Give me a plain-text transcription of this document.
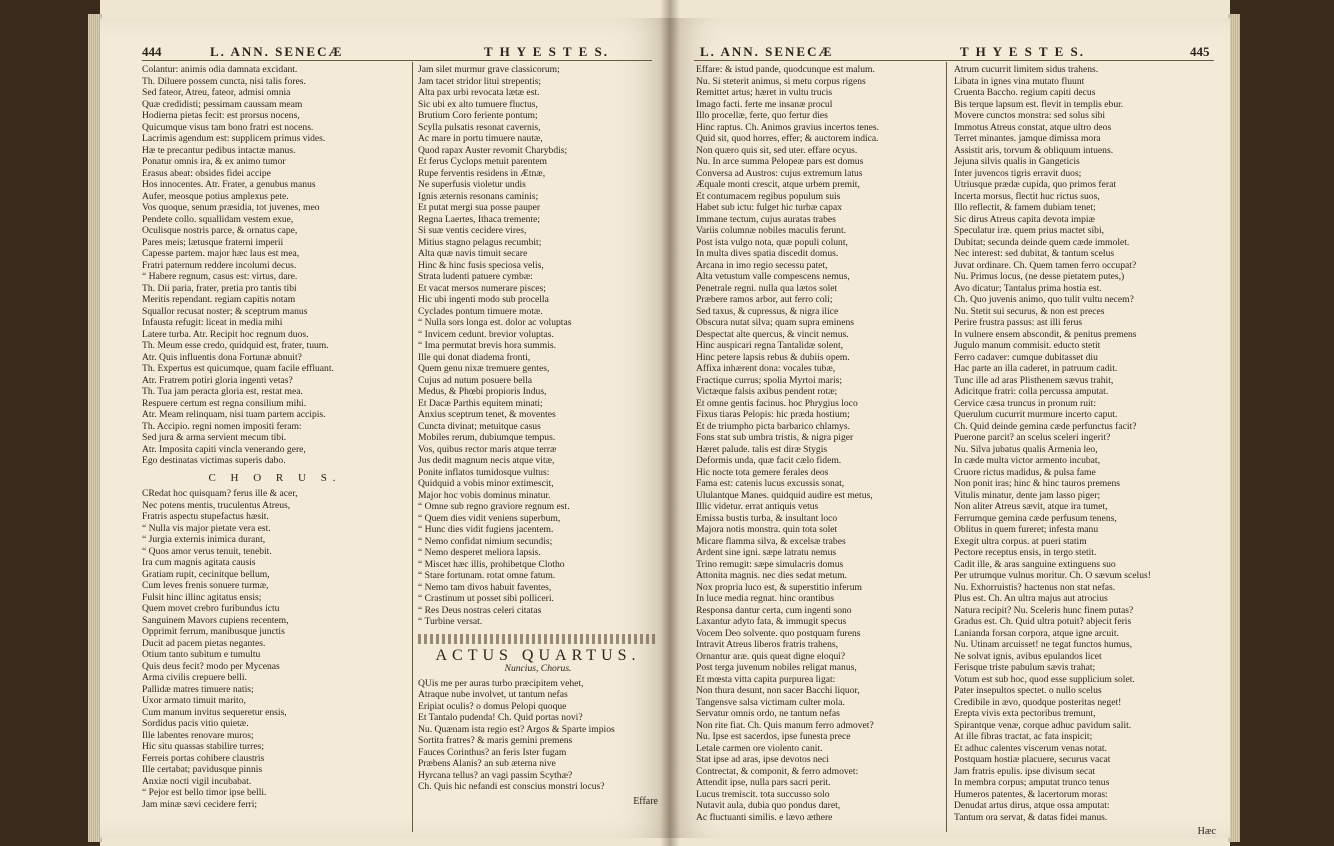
444	L. ANN. SENECÆ	T H Y E S T E S.
Colantur: animis odia damnata excidant.
Th. Diluere possem cuncta, nisi talis fores.
Sed fateor, Atreu, fateor, admisi omnia
Quæ credidisti; pessimam caussam meam
Hodierna pietas fecit: est prorsus nocens,
Quicumque visus tam bono fratri est nocens.
Lacrimis agendum est: supplicem primus vides.
Hæ te precantur pedibus intactæ manus.
Ponatur omnis ira, & ex animo tumor
Erasus abeat: obsides fidei accipe
Hos innocentes. Atr. Frater, a genubus manus
Aufer, meosque potius amplexus pete.
Vos quoque, senum præsidia, tot juvenes, meo
Pendete collo. squallidam vestem exue,
Oculisque nostris parce, & ornatus cape,
Pares meis; lætusque fraterni imperii
Capesse partem. major hæc laus est mea,
Fratri paternum reddere incolumi decus.
“ Habere regnum, casus est: virtus, dare.
Th. Dii paria, frater, pretia pro tantis tibi
Meritis rependant. regiam capitis notam
Squallor recusat noster; & sceptrum manus
Infausta refugit: liceat in media mihi
Latere turba. Atr. Recipit hoc regnum duos.
Th. Meum esse credo, quidquid est, frater, tuum.
Atr. Quis influentis dona Fortunæ abnuit?
Th. Expertus est quicumque, quam facile effluant.
Atr. Fratrem potiri gloria ingenti vetas?
Th. Tua jam peracta gloria est, restat mea.
Respuere certum est regna consilium mihi.
Atr. Meam relinquam, nisi tuam partem accipis.
Th. Accipio. regni nomen impositi feram:
Sed jura & arma servient mecum tibi.
Atr. Imposita capiti vincla venerando gere,
Ego destinatas victimas superis dabo.
C H O R U S.
CRedat hoc quisquam? ferus ille & acer,
Nec potens mentis, truculentus Atreus,
Fratris aspectu stupefactus hæsit.
“ Nulla vis major pietate vera est.
“ Jurgia externis inimica durant,
“ Quos amor verus tenuit, tenebit.
Ira cum magnis agitata causis
Gratiam rupit, cecinitque bellum,
Cum leves frenis sonuere turmæ,
Fulsit hinc illinc agitatus ensis;
Quem movet crebro furibundus ictu
Sanguinem Mavors cupiens recentem,
Opprimit ferrum, manibusque junctis
Ducit ad pacem pietas negantes.
Otium tanto subitum e tumultu
Quis deus fecit? modo per Mycenas
Arma civilis crepuere belli.
Pallidæ matres timuere natis;
Uxor armato timuit marito,
Cum manum invitus sequeretur ensis,
Sordidus pacis vitio quietæ.
Ille labentes renovare muros;
Hic situ quassas stabilire turres;
Ferreis portas cohibere claustris
Ille certabat; pavidusque pinnis
Anxiæ nocti vigil incubabat.
“ Pejor est bello timor ipse belli.
Jam minæ sævi cecidere ferri;
Jam silet murmur grave classicorum;
Jam tacet stridor litui strepentis;
Alta pax urbi revocata lætæ est.
Sic ubi ex alto tumuere fluctus,
Brutium Coro feriente pontum;
Scylla pulsatis resonat cavernis,
Ac mare in portu timuere nautæ,
Quod rapax Auster revomit Charybdis;
Et ferus Cyclops metuit parentem
Rupe ferventis residens in Ætnæ,
Ne superfusis violetur undis
Ignis æternis resonans caminis;
Et putat mergi sua posse pauper
Regna Laertes, Ithaca tremente;
Si suæ ventis cecidere vires,
Mitius stagno pelagus recumbit;
Alta quæ navis timuit secare
Hinc & hinc fusis speciosa velis,
Strata ludenti patuere cymbæ:
Et vacat mersos numerare pisces;
Hic ubi ingenti modo sub procella
Cyclades pontum timuere motæ.
“ Nulla sors longa est. dolor ac voluptas
“ Invicem cedunt. brevior voluptas.
“ Ima permutat brevis hora summis.
Ille qui donat diadema fronti,
Quem genu nixæ tremuere gentes,
Cujus ad nutum posuere bella
Medus, & Phœbi propioris Indus,
Et Dacæ Parthis equitem minati;
Anxius sceptrum tenet, & moventes
Cuncta divinat; metuitque casus
Mobiles rerum, dubiumque tempus.
Vos, quibus rector maris atque terræ
Jus dedit magnum necis atque vitæ,
Ponite inflatos tumidosque vultus:
Quidquid a vobis minor extimescit,
Major hoc vobis dominus minatur.
“ Omne sub regno graviore regnum est.
“ Quem dies vidit veniens superbum,
“ Hunc dies vidit fugiens jacentem.
“ Nemo confidat nimium secundis;
“ Nemo desperet meliora lapsis.
“ Miscet hæc illis, prohibetque Clotho
“ Stare fortunam. rotat omne fatum.
“ Nemo tam divos habuit faventes,
“ Crastinum ut posset sibi polliceri.
“ Res Deus nostras celeri citatas
“ Turbine versat.
ACTUS QUARTUS.
Nuncius, Chorus.
QUis me per auras turbo præcipitem vehet,
Atraque nube involvet, ut tantum nefas
Eripiat oculis? o domus Pelopi quoque
Et Tantalo pudenda! Ch. Quid portas novi?
Nu. Quænam ista regio est? Argos & Sparte impios
Sortita fratres? & maris gemini premens
Fauces Corinthus? an feris Ister fugam
Præbens Alanis? an sub æterna nive
Hyrcana tellus? an vagi passim Scythæ?
Ch. Quis hic nefandi est conscius monstri locus?
Effare
L. ANN. SENECÆ	T H Y E S T E S.	445
Effare: & istud pande, quodcunque est malum.
Nu. Si steterit animus, si metu corpus rigens
Remittet artus; hæret in vultu trucis
Imago facti. ferte me insanæ procul
Illo procellæ, ferte, quo fertur dies
Hinc raptus. Ch. Animos gravius incertos tenes.
Quid sit, quod horres, effer; & auctorem indica.
Non quæro quis sit, sed uter. effare ocyus.
Nu. In arce summa Pelopeæ pars est domus
Conversa ad Austros: cujus extremum latus
Æquale monti crescit, atque urbem premit,
Et contumacem regibus populum suis
Habet sub ictu: fulget hic turbæ capax
Immane tectum, cujus auratas trabes
Variis columnæ nobiles maculis ferunt.
Post ista vulgo nota, quæ populi colunt,
In multa dives spatia discedit domus.
Arcana in imo regio secessu patet,
Alta vetustum valle compescens nemus,
Penetrale regni. nulla qua lætos solet
Præbere ramos arbor, aut ferro coli;
Sed taxus, & cupressus, & nigra ilice
Obscura nutat silva; quam supra eminens
Despectat alte quercus, & vincit nemus.
Hinc auspicari regna Tantalidæ solent,
Hinc petere lapsis rebus & dubiis opem.
Affixa inhærent dona: vocales tubæ,
Fractique currus; spolia Myrtoi maris;
Victæque falsis axibus pendent rotæ;
Et omne gentis facinus. hoc Phrygius loco
Fixus tiaras Pelopis: hic præda hostium;
Et de triumpho picta barbarico chlamys.
Fons stat sub umbra tristis, & nigra piger
Hæret palude. talis est diræ Stygis
Deformis unda, quæ facit cælo fidem.
Hic nocte tota gemere ferales deos
Fama est: catenis lucus excussis sonat,
Ululantque Manes. quidquid audire est metus,
Illic videtur. errat antiquis vetus
Emissa bustis turba, & insultant loco
Majora notis monstra. quin tota solet
Micare flamma silva, & excelsæ trabes
Ardent sine igni. sæpe latratu nemus
Trino remugit: sæpe simulacris domus
Attonita magnis. nec dies sedat metum.
Nox propria luco est, & superstitio inferum
In luce media regnat. hinc orantibus
Responsa dantur certa, cum ingenti sono
Laxantur adyto fata, & immugit specus
Vocem Deo solvente. quo postquam furens
Intravit Atreus liberos fratris trahens,
Ornantur aræ. quis queat digne eloqui?
Post terga juvenum nobiles religat manus,
Et mœsta vitta capita purpurea ligat:
Non thura desunt, non sacer Bacchi liquor,
Tangensve salsa victimam culter mola.
Servatur omnis ordo, ne tantum nefas
Non rite fiat. Ch. Quis manum ferro admovet?
Nu. Ipse est sacerdos, ipse funesta prece
Letale carmen ore violento canit.
Stat ipse ad aras, ipse devotos neci
Contrectat, & componit, & ferro admovet:
Attendit ipse, nulla pars sacri perit.
Lucus tremiscit. tota succusso solo
Nutavit aula, dubia quo pondus daret,
Ac fluctuanti similis. e lævo æthere
Atrum cucurrit limitem sidus trahens.
Libata in ignes vina mutato fluunt
Cruenta Baccho. regium capiti decus
Bis terque lapsum est. flevit in templis ebur.
Movere cunctos monstra: sed solus sibi
Immotus Atreus constat, atque ultro deos
Terret minantes. jamque dimissa mora
Assistit aris, torvum & obliquum intuens.
Jejuna silvis qualis in Gangeticis
Inter juvencos tigris erravit duos;
Utriusque prædæ cupida, quo primos ferat
Incerta morsus, flectit huc rictus suos,
Illo reflectit, & famem dubiam tenet;
Sic dirus Atreus capita devota impiæ
Speculatur iræ. quem prius mactet sibi,
Dubitat; secunda deinde quem cæde immolet.
Nec interest: sed dubitat, & tantum scelus
Juvat ordinare. Ch. Quem tamen ferro occupat?
Nu. Primus locus, (ne desse pietatem putes,)
Avo dicatur; Tantalus prima hostia est.
Ch. Quo juvenis animo, quo tulit vultu necem?
Nu. Stetit sui securus, & non est preces
Perire frustra passus: ast illi ferus
In vulnere ensem abscondit, & penitus premens
Jugulo manum commisit. educto stetit
Ferro cadaver: cumque dubitasset diu
Hac parte an illa caderet, in patruum cadit.
Tunc ille ad aras Plisthenem sævus trahit,
Adicitque fratri: colla percussa amputat.
Cervice cæsa truncus in pronum ruit:
Querulum cucurrit murmure incerto caput.
Ch. Quid deinde gemina cæde perfunctus facit?
Puerone parcit? an scelus sceleri ingerit?
Nu. Silva jubatus qualis Armenia leo,
In cæde multa victor armento incubat,
Cruore rictus madidus, & pulsa fame
Non ponit iras; hinc & hinc tauros premens
Vitulis minatur, dente jam lasso piger;
Non aliter Atreus sævit, atque ira tumet,
Ferrumque gemina cæde perfusum tenens,
Oblitus in quem fureret; infesta manu
Exegit ultra corpus. at pueri statim
Pectore receptus ensis, in tergo stetit.
Cadit ille, & aras sanguine extinguens suo
Per utrumque vulnus moritur. Ch. O sævum scelus!
Nu. Exhorruistis? hactenus non stat nefas.
Plus est. Ch. An ultra majus aut atrocius
Natura recipit? Nu. Sceleris hunc finem putas?
Gradus est. Ch. Quid ultra potuit? abjecit feris
Lanianda forsan corpora, atque igne arcuit.
Nu. Utinam arcuisset! ne tegat functos humus,
Ne solvat ignis, avibus epulandos licet
Ferisque triste pabulum sævis trahat;
Votum est sub hoc, quod esse supplicium solet.
Pater insepultos spectet. o nullo scelus
Credibile in ævo, quodque posteritas neget!
Erepta vivis exta pectoribus tremunt,
Spirantque venæ, corque adhuc pavidum salit.
At ille fibras tractat, ac fata inspicit;
Et adhuc calentes viscerum venas notat.
Postquam hostiæ placuere, securus vacat
Jam fratris epulis. ipse divisum secat
In membra corpus; amputat trunco tenus
Humeros patentes, & lacertorum moras:
Denudat artus dirus, atque ossa amputat:
Tantum ora servat, & datas fidei manus.
Hæc
